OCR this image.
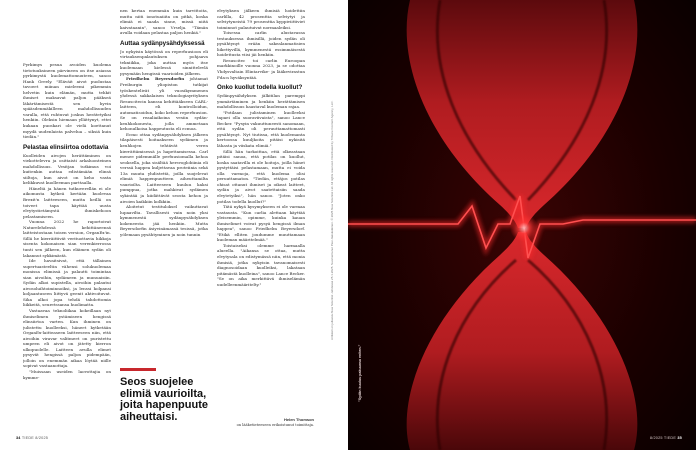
Pyrkimys pesua avoiden kuolema tietotuuksineen pärvineen on itse asiassa pyrkimystä kuolemattomuuteen, sanoo Hank Greely. "Eläväit aivot puolustaa tavoeet miinan mieleemi pikemmin helvetin kuin elämän, mutta tehkit ihmiset maksavat paljon pääkseä läkärtämisestä sen hyvin spääsdenmäkilleen mahdollisuuden varalla, että ruhtuvat joskus herätetyiksi henkiin. Oleksin hiemaan yllättynyt, ettei kukaan puoskari ole vielä koettanut myydä uudenlaista palvelua – siksiä kuin tiedän."

Pelastaa elinsiirtoa odottavia

Kuolleiden aivojen herättäminen on viekottelevra ja osittaisti arkaluonteinen mahdollisuus. Vesitjan tutkimus voi kuitenkin auttaa edistämään elinsä siiltoja, kun aivot on keho vasta kelikkuvat kuolleeman parttaalla.

Häneltä ja hänen tutkuverellän ei ole aikomusta kytkeä kertään kuolevaa Brexit'n laitteeseen, mutta heillä on toiveet tapa käyttää uusta elvytystietämystä ihmiskehoon pelastamiseen.

Vuonna 2022 he raportoivat Naturelehdessä kehittäneensä laitteistostaan toisen version, OrganEx'in. Sillä he kierräittivät verituottavia hikkoja sisenta kokonaisen sian verenkierrossa tunti sen jälkeen, kun eläimen sydän oli lakannut sykkimästä.

Ide havaitsivat, että tällainen supertuasteeltin vähensi solukuolemaa monissa elimissä ja palautti toimintaa sian aivoihin, sydämeen ja munuaisiin. Sydän alkoi supistella, aivoihin palautui aivosoluihtoiminnoiksi, ja lenssi kolpansi koljaantuseen liittyvä geenit aktivoituvat. Sika alkoi jopa tehdä tahdottomia liikkeitä, seuretssansa huolimatta.

Vastaavaa teknoliikaa kokeillaan nyt ihmiselimen ystämiseen hengissä elinsiirtoa varten. Kun ihminen on julistettu kuolleeksi, häneet kytketään OrganEx-laitteaseen laitteeseen niin, että aivoihin viravar valitmeet on puristettu umpeen eli aivot on jätetty kierron ulkopuolelle. Laitteen avulla elimet pysyvät hengissä paljon pidempään, jolloin on enemmän aikaa löytää niille sopivat vastaanottaja.

"Muissaan useiden laovottajia on kymme-

nen kertaa enemmän kuin tarvittoita, mutta niiti ionotuaiiita on pitkä, koska elimiä ei saada sinne, missä niitä kaivataanin", sanoo Vrselja. "Tämän avulla voidaan pelastaa paljon henkiä."

Auttaa sydänpysähdyksessä

Jo nykyisin käytössä on reperfuusioon eli virtauksenpalautuksen pohjaava tekniikka, joka auttaa myös itse kuolemaan kielessä sinnittelevlä pysymään hengissä vaarioiden jälkeen.

Friedhelm Beyersdorfin johtamat Freiburgin yliopiston tutkijat työskentelivät yli vuosikymmenen yhdessä sakkalaisen teknologiayrityksen Resuscitecin kanssa kehittääkseen CARL-laitteen, eli kontrolloidun, automatisoidun, koko kehon reperfuusion. Se on reaaliaikoina vesiin sydän-keuhkokonesta, jolla ammetaan kehonulkoisa happeutusta eli ecmoa.

Ecmo ottaa sydänpysähdyksen jälkeen tilapäisesti hoitaakseen sydämen ja keuhkojen tehtävät veren kierrättämisessä ja hapettamisessa. Carl menee pidemmälle perfuusiomalla kehoa seoksella, joka sisältää hersvoglobiinia eli verssä happea kuljettavaa proteiinia sekä 13a muuta yhdistettä, joilla suojelevat elimiä happenpuutteen aiheuttamilta vaurioilta. Laitteeseen kuuluu kaksi pumppua, jotka mahkivat sydämen sykintää ja kiidättävät seosta kehon ja aivoien kaikkiin kolkkiin.

Aloitetut testituloksel vaikuttavat lupaavilta. Tavallisesti vain noin yksi kymmenestä sydänpysähdyksen kokeneesta jää henkiin. Mutta Beyersdorfin äsiyvinämassä tesissä, jotka yölemaan pysähtyminen ja noin tunnin

elvytyksen jälkeen ihmisiä hoidettiin carlilla, 42 prosenttia selviytyi ja selviytyneistä 79 prosenttia kyppiviittiviet toiminnot palautuivat normaaleiksi.

Toisessa carlin alustavassa testauksessa ihmisillä, joiden sydän oli pysähtynyt erään sakealanmatisien liikettyvillä, kymmenestä essimmäisestä hoidettusta viisi jäi henkiin.

Resuscitec toi carlin Euroopan markkinoille vuonna 2023, ja se odottaa Yhdysvaltain Elintarvike- ja lääkevirastun Fda:n hyväksyntää.

Onko kuollut todella kuollut?

Sydänpysähdyksen jälkitilan paremppi ymmärtäminen ja henkiin herättämisen mahdollisuus haastaval kuoleman rajaa.

"Potilaan julistaminen kuolleeksi tapaei olla suoraviivaista", sanoo Lance Becker. "Pysyin vakuuttuneesti sanomaan, että sydän oli peruuttamattomasti pysähtynyt. Nyt tiutissa, että kuolemanta kertoossa kuuljkoita pitäisi nykisitä lähasta ja viiskata elimiä."

Sillä hän tarkoittaa, että olkeastaan pitäisi sanoa, että potilas on kuollut, koska saatavilla ei ole hoitoja, joilla hänet pystyttäisi pelastamaan, mutta ei voida olla varmoja, että kuolema olisi peruuttamaton. "Tiedän, ettäjos potilas ohisat ottanut ihmiset ja oikeat laitteet, sydän ja aivot saatettaisiin saada elvytetyiksi", hän sanoo. "Joten onko potilas todella kuollut?"

Tätä nykyä kysymykseen ei ole varmaa vastausta. "Kun carlia alettaan käyttää yleisemmin, opimme, kuinka kauan ihmiselimet voivat pysyä hengissä ilman happea", sanoo Friedhelm Beyersdorf. "Etikä elliten joudumme muuttamaan kuoleman määritelmää."

Toistaiseksi olemme harmaalla alueella. "Aikansa se ottaa, mutta elvytysala on edistymässä niin, että monia ihmisiä, jotka nykyisin tavanomaisesti diagnosoidaan kuolleiksi, lakataan pitämästä kuolleina", sanoo Lance Becker. "Se on aika merkittävä ihmiselämän uudelleenmääritelty."

Seos suojelee elimiä vaurioilta, joita hapenpuute aiheuttaisi.	Helen Thomson
on lääketieteeseen erikoistunut toimittaja.
34 TIEDE 8/2025
Artikkeli on julkaistu New Scientist -lehdessä 25.1.2025. Suomentanut Pasi Jääskeläinen. © 2025 New Scientist Ltd. All rights reserved. Distributed by Tribune Content Agency, LLC.
"Sydän kuuluu pakuunsa eniten."
8/2025 TIEDE 35
